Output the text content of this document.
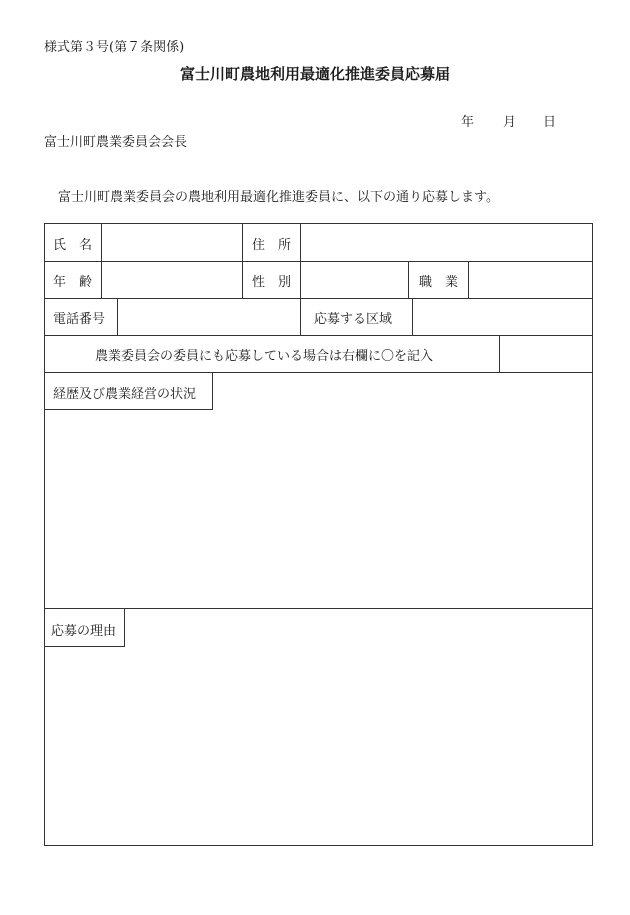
様式第３号(第７条関係)
富士川町農地利用最適化推進委員応募届
年 月 日
富士川町農業委員会会長
富士川町農業委員会の農地利用最適化推進委員に、以下の通り応募します。
氏　名	住　所
年　齢	性　別	職　業
電話番号	応募する区域
農業委員会の委員にも応募している場合は右欄に〇を記入
経歴及び農業経営の状況
応募の理由
